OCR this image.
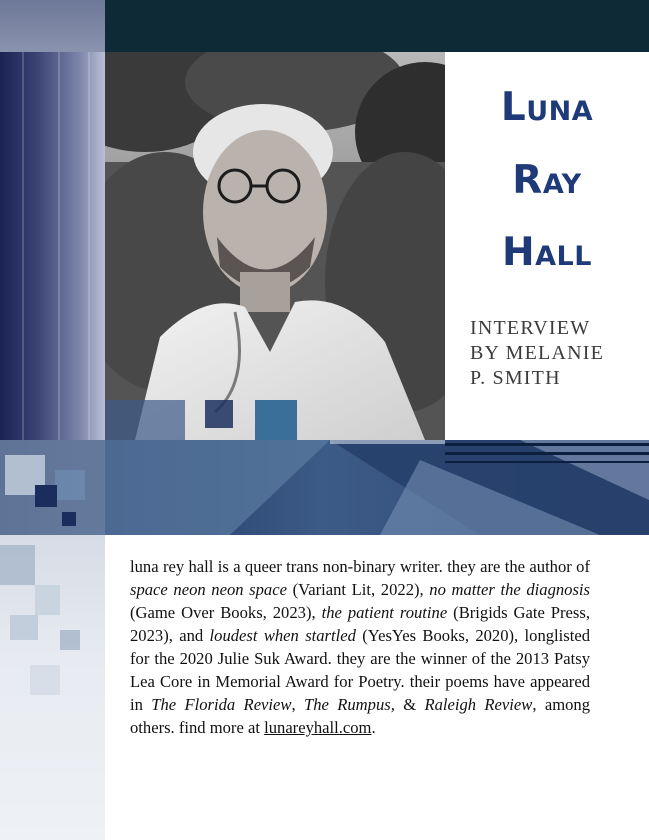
Luna
Ray
Hall
INTERVIEW
BY MELANIE
P. SMITH

luna rey hall is a queer trans non-binary writer. they are the author of space neon neon space (Variant Lit, 2022), no matter the diagnosis (Game Over Books, 2023), the patient routine (Brigids Gate Press, 2023), and loudest when startled (YesYes Books, 2020), longlisted for the 2020 Julie Suk Award. they are the winner of the 2013 Patsy Lea Core in Memorial Award for Poetry. their poems have appeared in The Florida Review, The Rumpus, & Raleigh Review, among others. find more at lunareyhall.com.
